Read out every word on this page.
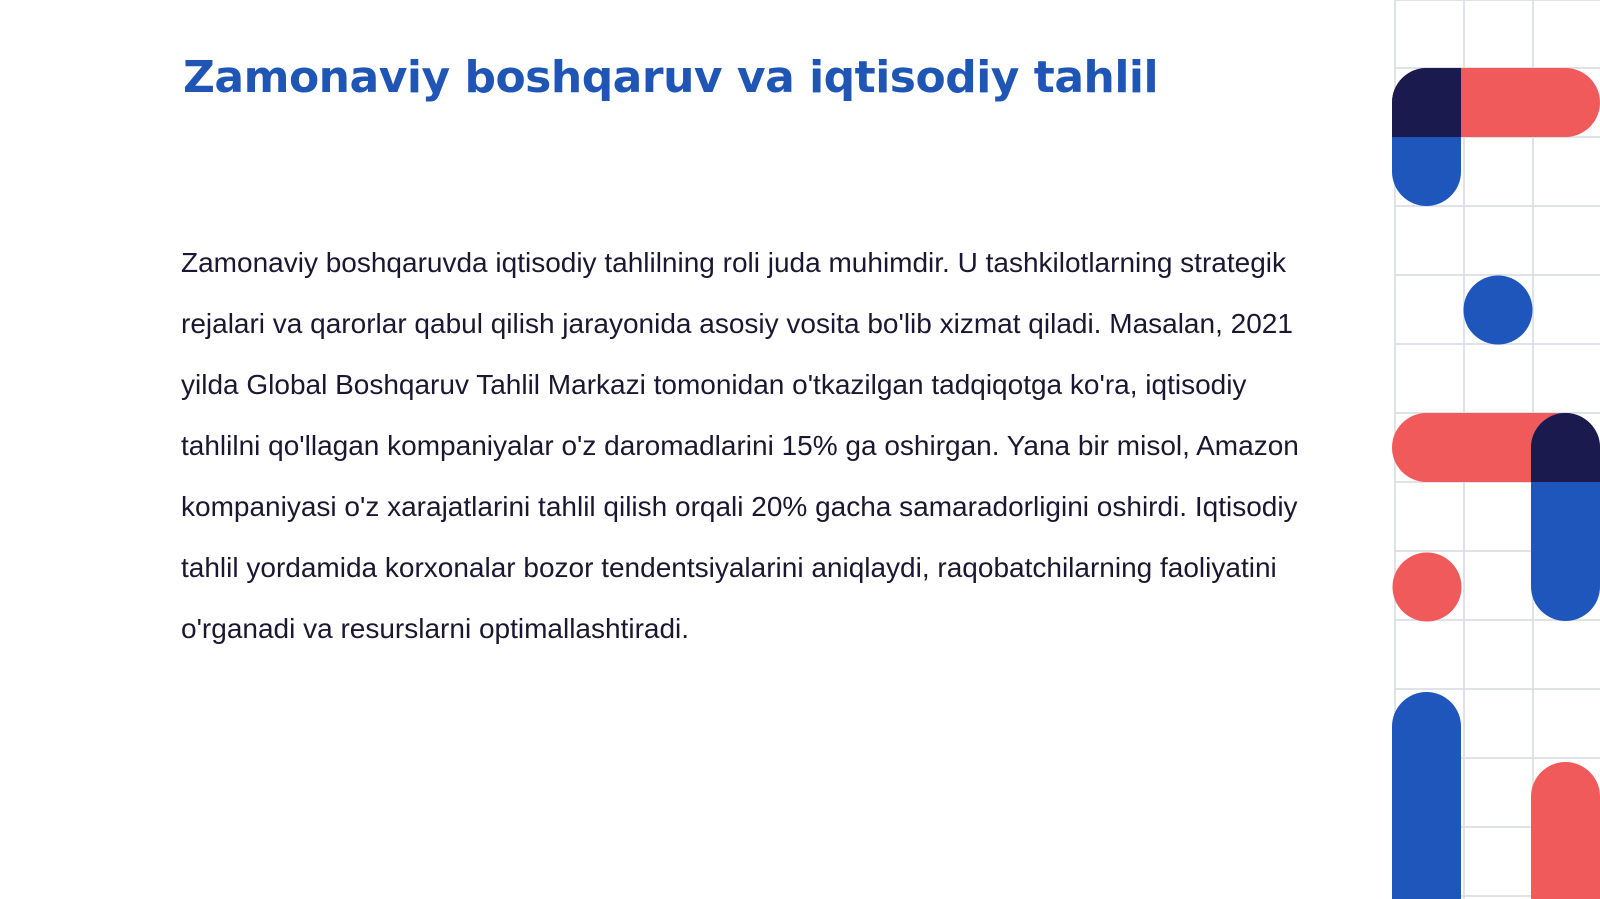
Zamonaviy boshqaruv va iqtisodiy tahlil

Zamonaviy boshqaruvda iqtisodiy tahlilning roli juda muhimdir. U tashkilotlarning strategik rejalari va qarorlar qabul qilish jarayonida asosiy vosita bo'lib xizmat qiladi. Masalan, 2021 yilda Global Boshqaruv Tahlil Markazi tomonidan o'tkazilgan tadqiqotga ko'ra, iqtisodiy tahlilni qo'llagan kompaniyalar o'z daromadlarini 15% ga oshirgan. Yana bir misol, Amazon kompaniyasi o'z xarajatlarini tahlil qilish orqali 20% gacha samaradorligini oshirdi. Iqtisodiy tahlil yordamida korxonalar bozor tendentsiyalarini aniqlaydi, raqobatchilarning faoliyatini o'rganadi va resurslarni optimallashtiradi.
